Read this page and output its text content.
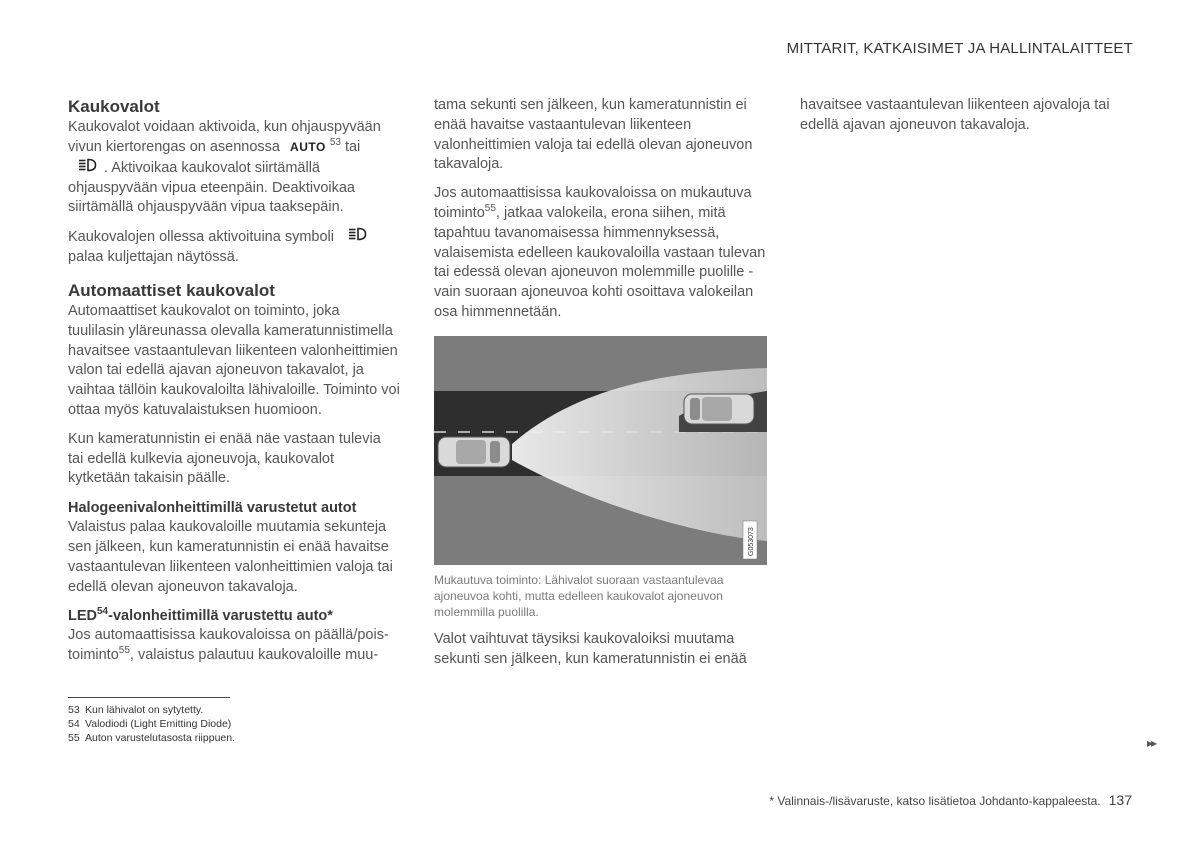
MITTARIT, KATKAISIMET JA HALLINTALAITTEET
Kaukovalot

Kaukovalot voidaan aktivoida, kun ohjauspyvään vivun kiertorengas on asennossa AUTO $^{53}$ tai
. Aktivoikaa kaukovalot siirtämällä ohjauspyvään vipua eteenpäin. Deaktivoikaa siirtämällä ohjauspyvään vipua taaksepäin.

Kaukovalojen ollessa aktivoituina symboli
palaa kuljettajan näytössä.

Automaattiset kaukovalot

Automaattiset kaukovalot on toiminto, joka tuulilasin yläreunassa olevalla kameratunnistimella havaitsee vastaantulevan liikenteen valonheittimien valon tai edellä ajavan ajoneuvon takavalot, ja vaihtaa tällöin kaukovaloilta lähivaloille. Toiminto voi ottaa myös katuvalaistuksen huomioon.

Kun kameratunnistin ei enää näe vastaan tulevia tai edellä kulkevia ajoneuvoja, kaukovalot kytketään takaisin päälle.

Halogeenivalonheittimillä varustetut autot

Valaistus palaa kaukovaloille muutamia sekunteja sen jälkeen, kun kameratunnistin ei enää havaitse vastaantulevan liikenteen valonheittimien valoja tai edellä olevan ajoneuvon takavaloja.

LED$^{54}$-valonheittimillä varustettu auto*

Jos automaattisissa kaukovaloissa on päällä/pois-toiminto$^{55}$, valaistus palautuu kaukovaloille muu-

tama sekunti sen jälkeen, kun kameratunnistin ei enää havaitse vastaantulevan liikenteen valonheittimien valoja tai edellä olevan ajoneuvon takavaloja.

Jos automaattisissa kaukovaloissa on mukautuva toiminto$^{55}$, jatkaa valokeila, erona siihen, mitä tapahtuu tavanomaisessa himmennyksessä, valaisemista edelleen kaukovaloilla vastaan tulevan tai edessä olevan ajoneuvon molemmille puolille - vain suoraan ajoneuvoa kohti osoittava valokeilan osa himmennetään.

G053073
Mukautuva toiminto: Lähivalot suoraan vastaantulevaa ajoneuvoa kohti, mutta edelleen kaukovalot ajoneuvon molemmilla puolilla.

Valot vaihtuvat täysiksi kaukovaloiksi muutama sekunti sen jälkeen, kun kameratunnistin ei enää

havaitsee vastaantulevan liikenteen ajovaloja tai edellä ajavan ajoneuvon takavaloja.

53 Kun lähivalot on sytytetty.
54 Valodiodi (Light Emitting Diode)
55 Auton varustelutasosta riippuen.	▸▸
* Valinnais-/lisävaruste, katso lisätietoa Johdanto-kappaleesta. 137
